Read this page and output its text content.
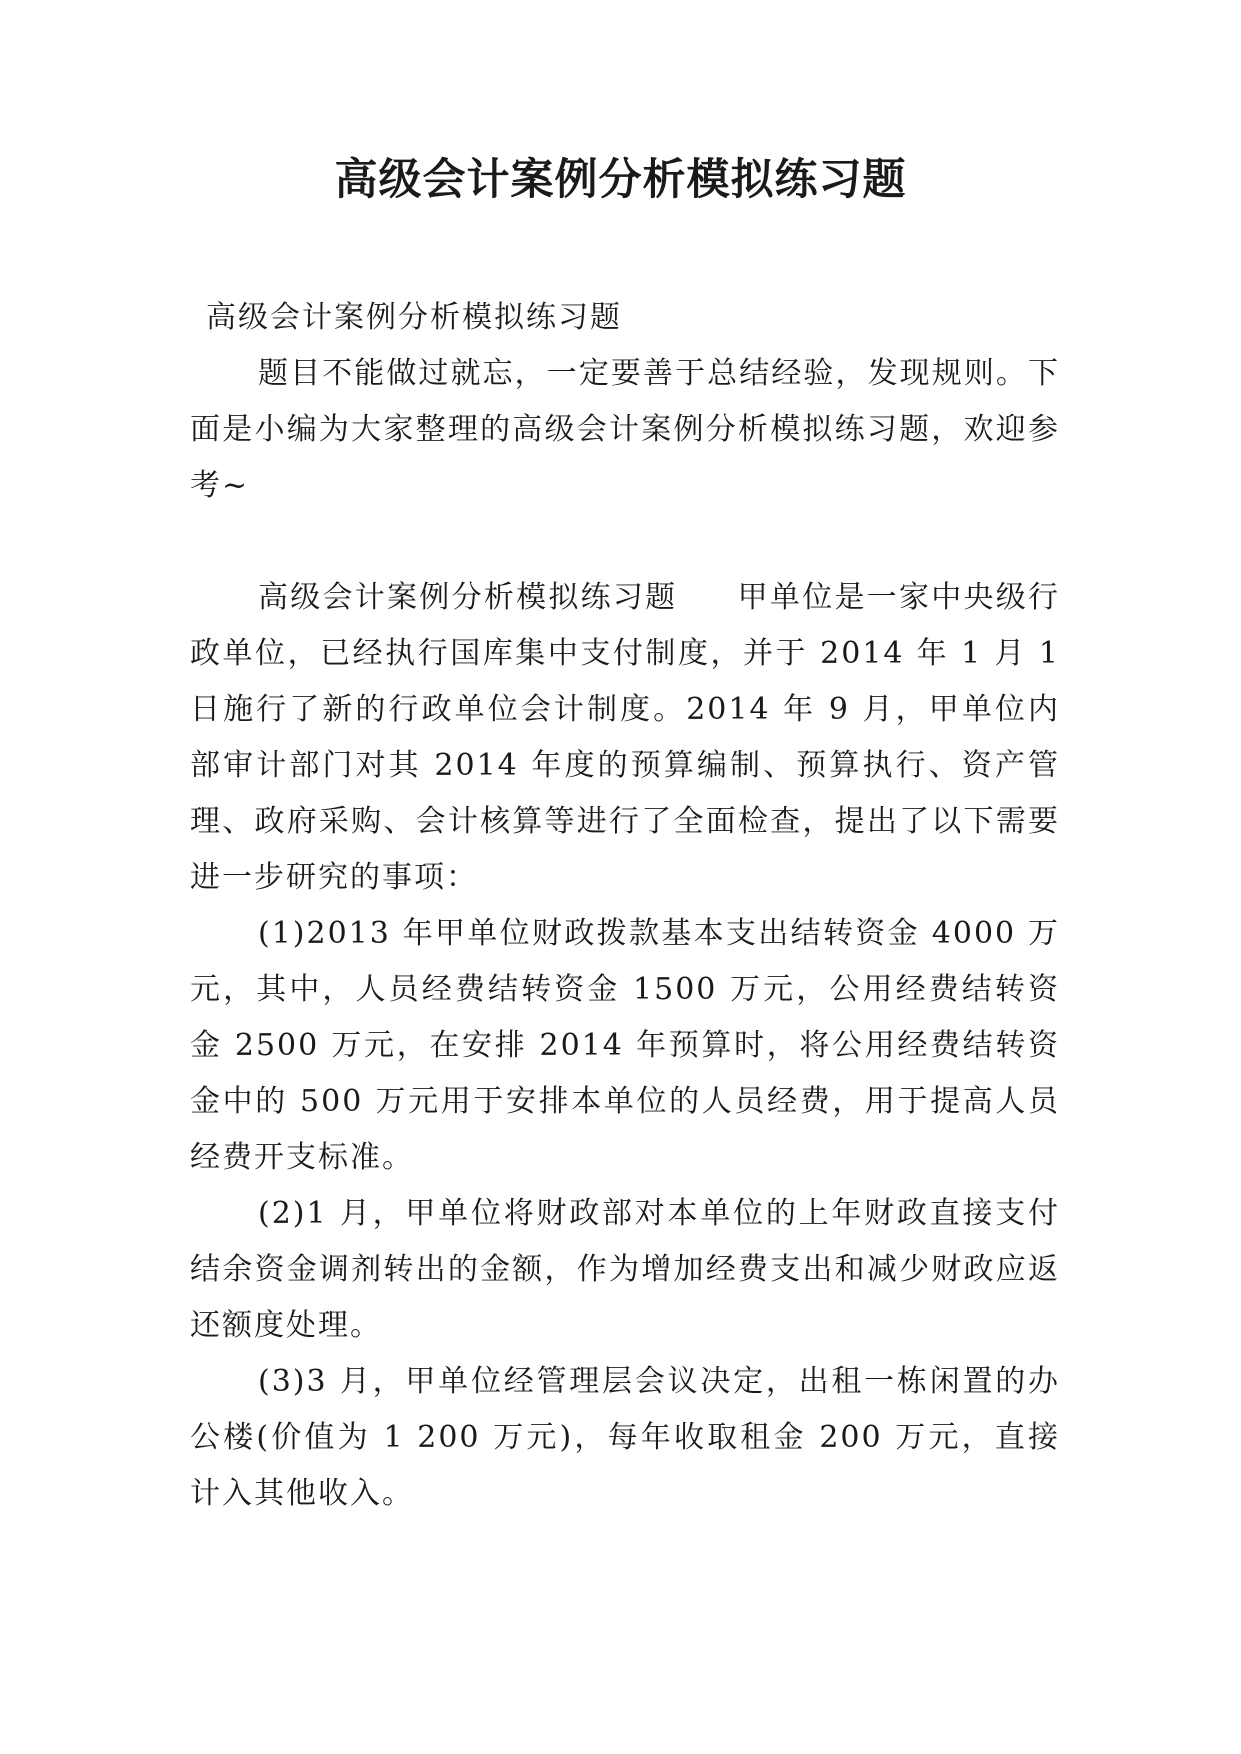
高级会计案例分析模拟练习题

高级会计案例分析模拟练习题

题目不能做过就忘，一定要善于总结经验，发现规则。下面是小编为大家整理的高级会计案例分析模拟练习题，欢迎参考~

高级会计案例分析模拟练习题 甲单位是一家中央级行政单位，已经执行国库集中支付制度，并于 2014 年 1 月 1 日施行了新的行政单位会计制度。2014 年 9 月，甲单位内部审计部门对其 2014 年度的预算编制、预算执行、资产管理、政府采购、会计核算等进行了全面检查，提出了以下需要进一步研究的事项：

(1)2013 年甲单位财政拨款基本支出结转资金 4000 万元，其中，人员经费结转资金 1500 万元，公用经费结转资金 2500 万元，在安排 2014 年预算时，将公用经费结转资金中的 500 万元用于安排本单位的人员经费，用于提高人员经费开支标准。

(2)1 月，甲单位将财政部对本单位的上年财政直接支付结余资金调剂转出的金额，作为增加经费支出和减少财政应返还额度处理。

(3)3 月，甲单位经管理层会议决定，出租一栋闲置的办公楼(价值为 1 200 万元)，每年收取租金 200 万元，直接计入其他收入。
